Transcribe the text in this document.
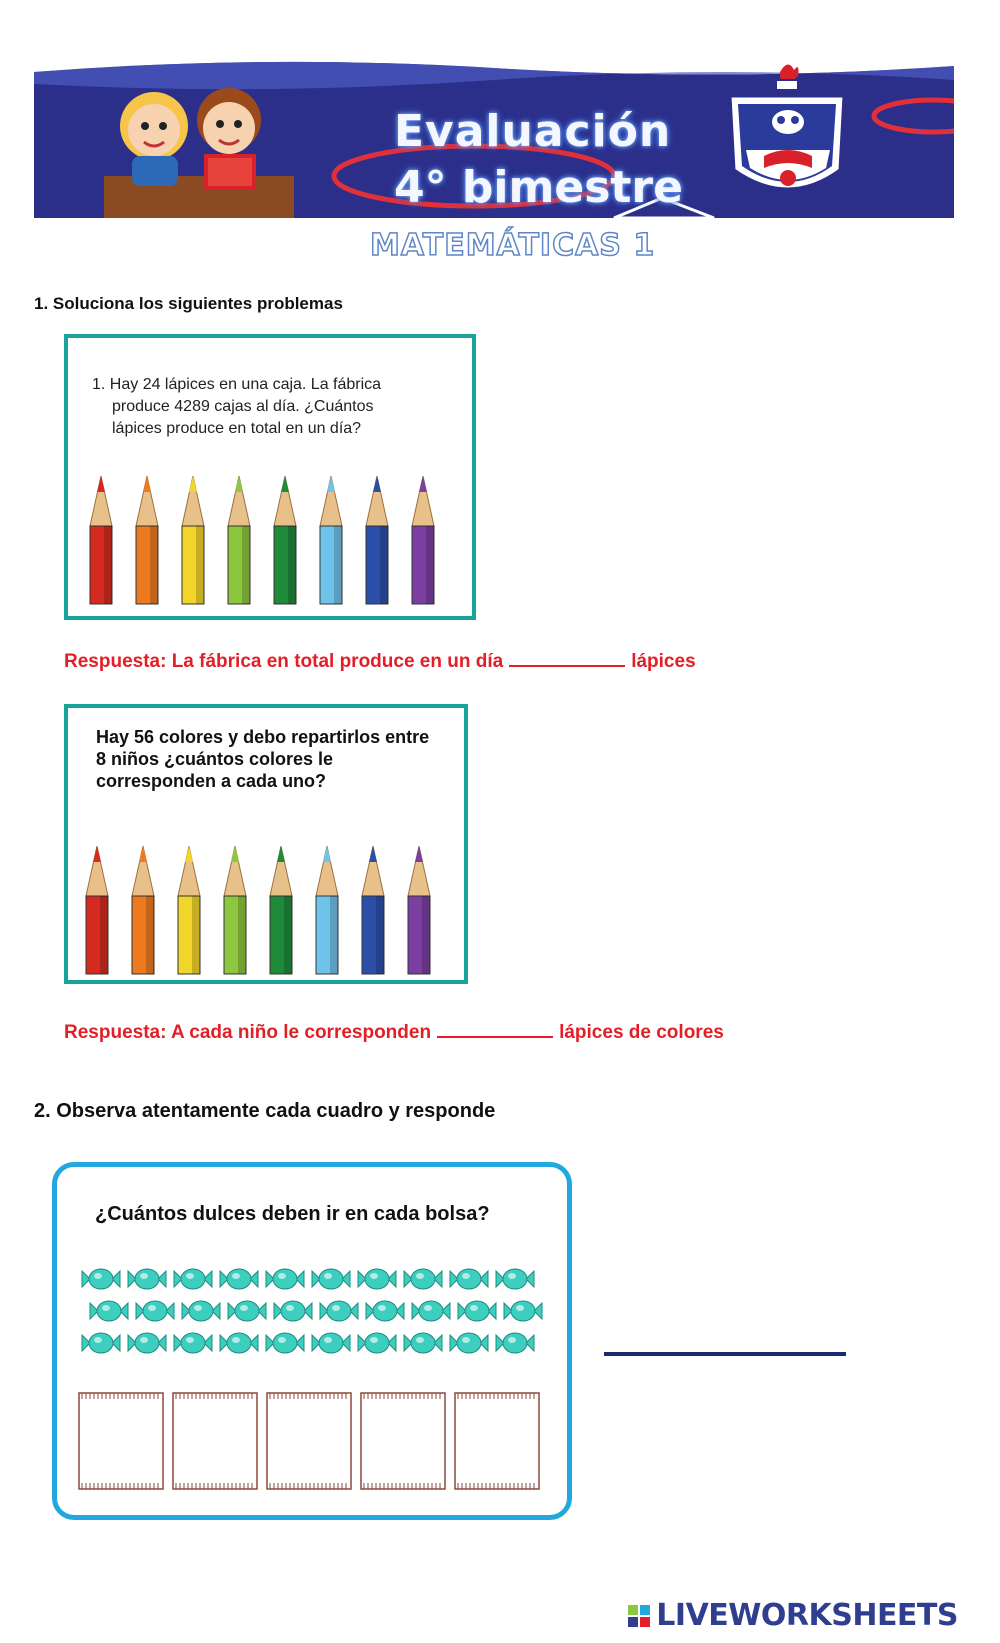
Evaluación
4° bimestre
MATEMÁTICAS 1
1. Soluciona los siguientes problemas
1. Hay 24 lápices en una caja. La fábrica
produce 4289 cajas al día. ¿Cuántos
lápices produce en total en un día?
Respuesta: La fábrica en total produce en un día	lápices
Hay 56 colores y debo repartirlos entre
8 niños ¿cuántos colores le
corresponden a cada uno?
Respuesta: A cada niño le corresponden	lápices de colores
2. Observa atentamente cada cuadro y responde
¿Cuántos dulces deben ir en cada bolsa?
LIVEWORKSHEETS
